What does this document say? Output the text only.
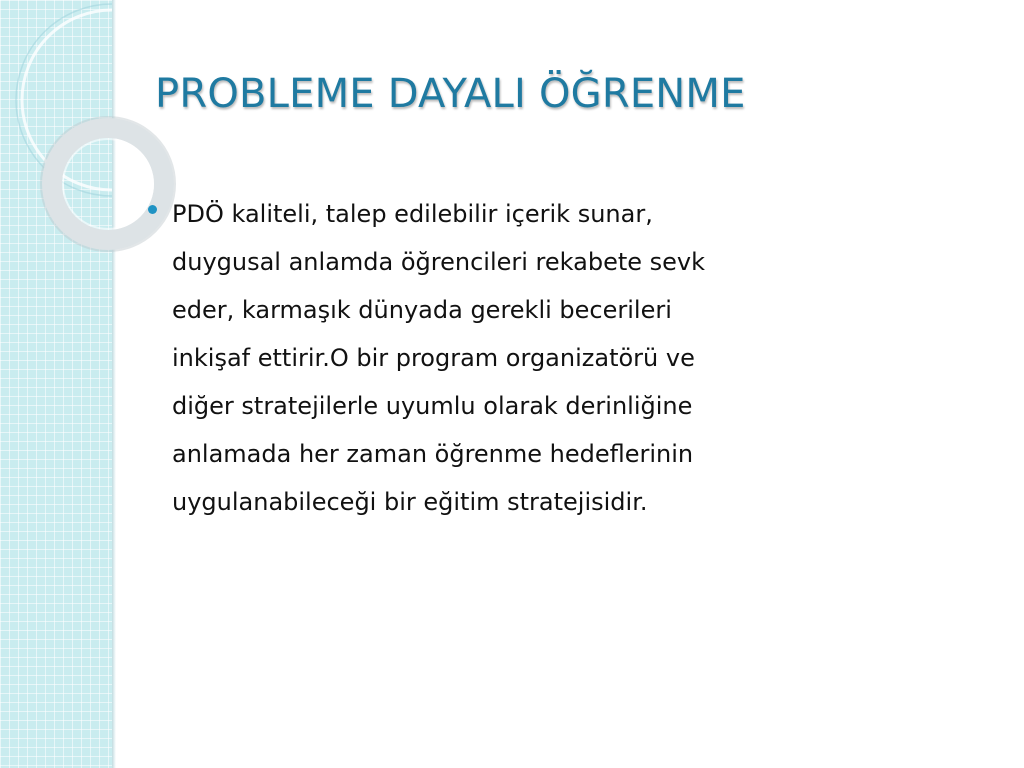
PROBLEME DAYALI ÖĞRENME
PDÖ kaliteli, talep edilebilir içerik sunar,
duygusal anlamda öğrencileri rekabete sevk
eder, karmaşık dünyada gerekli becerileri
inkişaf ettirir.O bir program organizatörü ve
diğer stratejilerle uyumlu olarak derinliğine
anlamada her zaman öğrenme hedeflerinin
uygulanabileceği bir eğitim stratejisidir.
